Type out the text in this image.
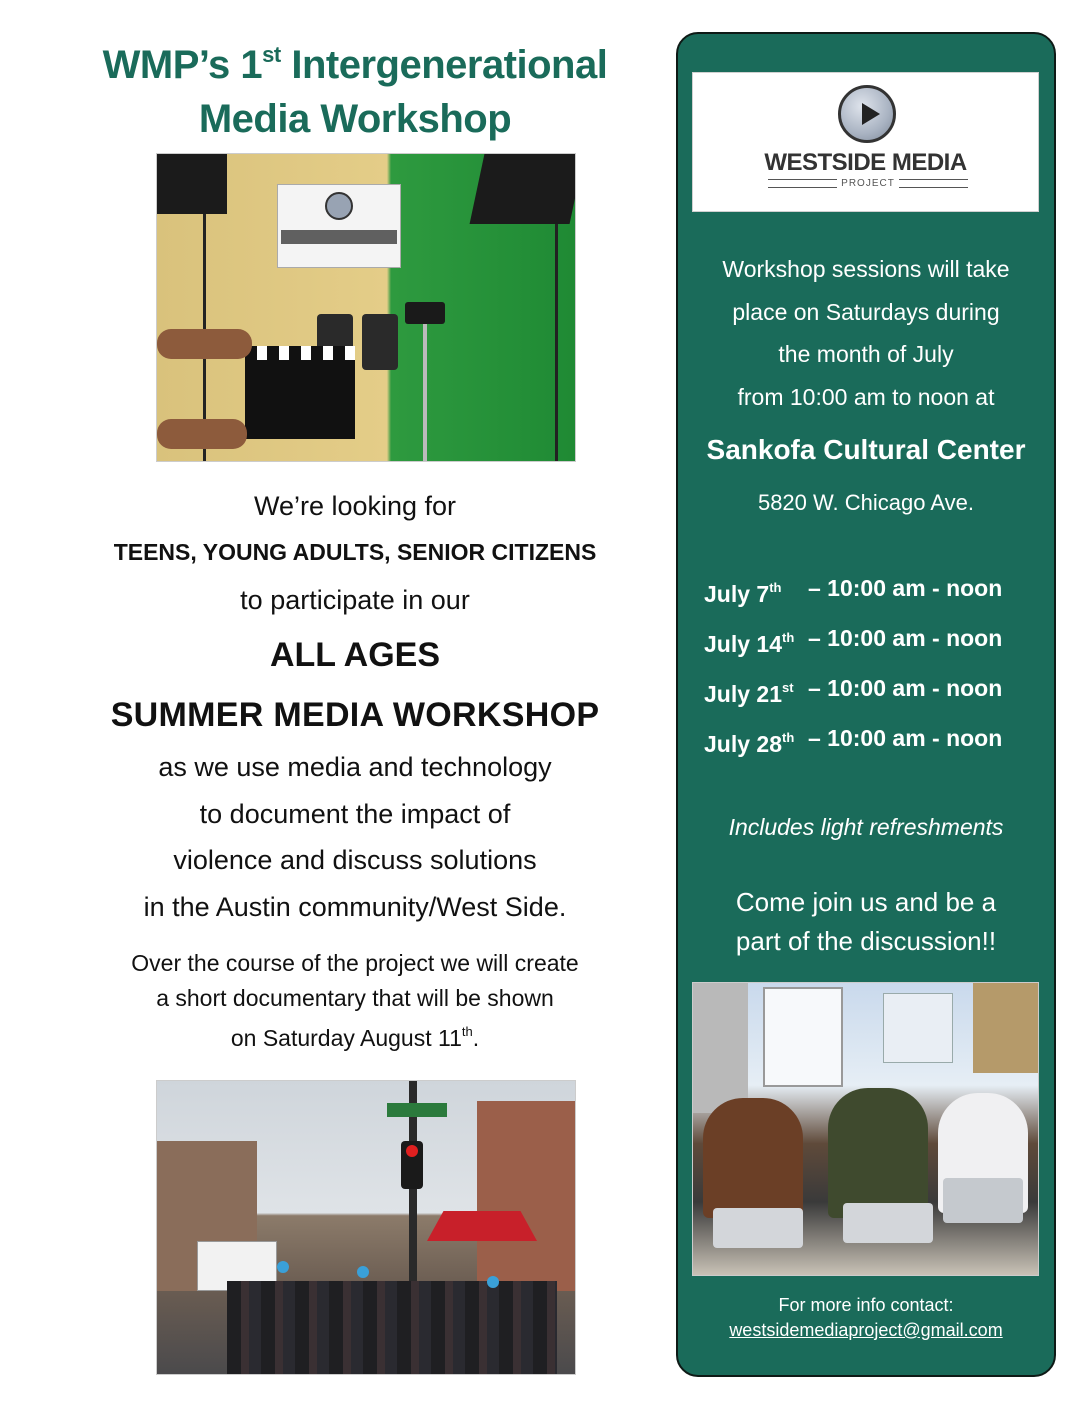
WMP’s 1st Intergenerational
Media Workshop
We’re looking for
TEENS, YOUNG ADULTS, SENIOR CITIZENS
to participate in our
ALL AGES
SUMMER MEDIA WORKSHOP
as we use media and technology
to document the impact of
violence and discuss solutions
in the Austin community/West Side.
Over the course of the project we will create
a short documentary that will be shown
on Saturday August 11th.
WESTSIDE MEDIA
PROJECT
Workshop sessions will take
place on Saturdays during
the month of July
from 10:00 am to noon at
Sankofa Cultural Center
5820 W. Chicago Ave.
July 7th	– 10:00 am - noon
July 14th – 10:00 am - noon
July 21st – 10:00 am - noon
July 28th – 10:00 am - noon
Includes light refreshments
Come join us and be a
part of the discussion!!
For more info contact:
westsidemediaproject@gmail.com
